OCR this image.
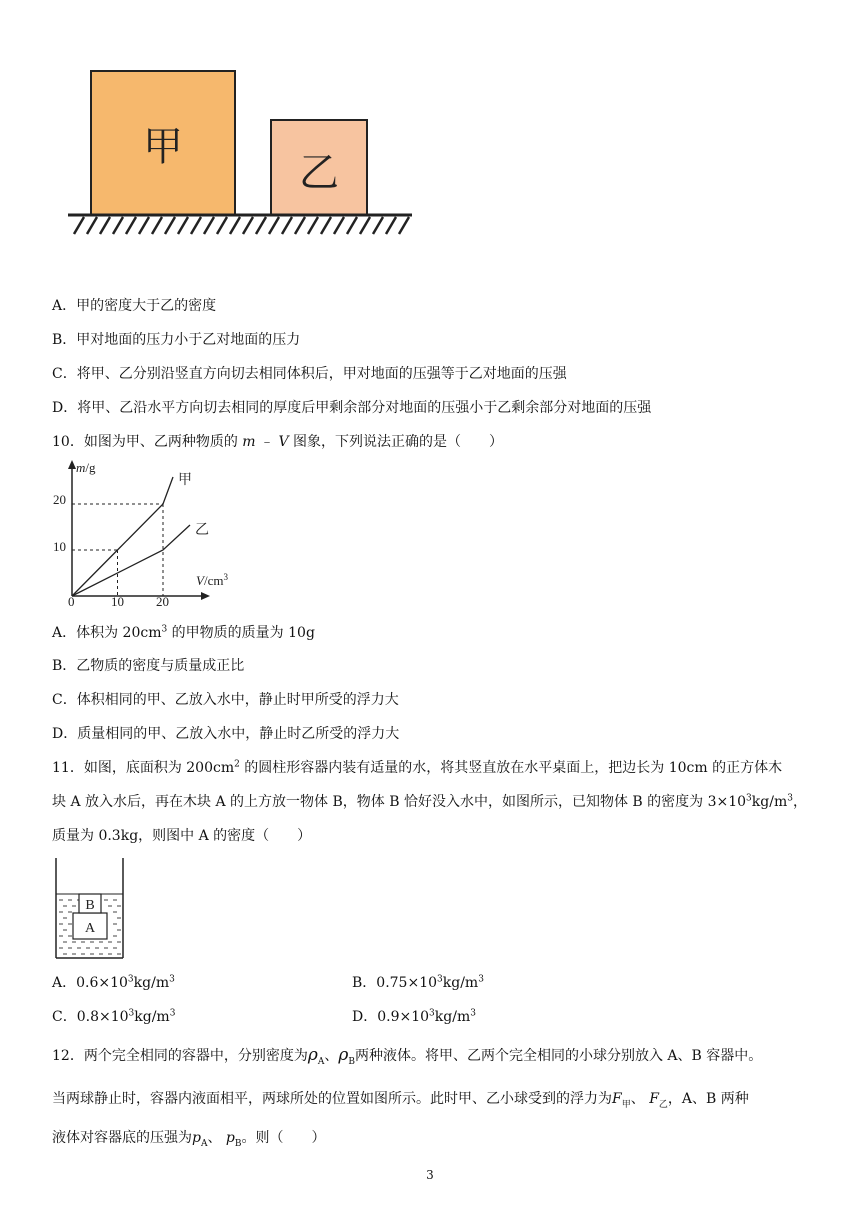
甲
乙
A．甲的密度大于乙的密度
B．甲对地面的压力小于乙对地面的压力
C．将甲、乙分别沿竖直方向切去相同体积后，甲对地面的压强等于乙对地面的压强
D．将甲、乙沿水平方向切去相同的厚度后甲剩余部分对地面的压强小于乙剩余部分对地面的压强
10．如图为甲、乙两种物质的 m ﹣ V 图象，下列说法正确的是（　　）
m/g
$V/cm^3$
0	10 20
10
20
甲
乙
A．体积为 $20cm^3$ 的甲物质的质量为 10g
B．乙物质的密度与质量成正比
C．体积相同的甲、乙放入水中，静止时甲所受的浮力大
D．质量相同的甲、乙放入水中，静止时乙所受的浮力大
11．如图，底面积为 $200cm^2$ 的圆柱形容器内装有适量的水，将其竖直放在水平桌面上，把边长为 10cm 的正方体木
块 A 放入水后，再在木块 A 的上方放一物体 B，物体 B 恰好没入水中，如图所示，已知物体 B 的密度为 $3\times 10^3kg/m^3$，
质量为 0.3kg，则图中 A 的密度（　　）
A
B
A．$0.6\times 10^3kg/m^3$	B．$0.75\times 10^3kg/m^3$
C．$0.8\times 10^3kg/m^3$	D．$0.9\times 10^3kg/m^3$
12．两个完全相同的容器中，分别密度为$\rho_A$、$\rho_B$两种液体。将甲、乙两个完全相同的小球分别放入 A、B 容器中。
当两球静止时，容器内液面相平，两球所处的位置如图所示。此时甲、乙小球受到的浮力为$F_甲$、 $F_乙$，A、B 两种
液体对容器底的压强为$p_A$、 $p_B$。则（　　）
3
